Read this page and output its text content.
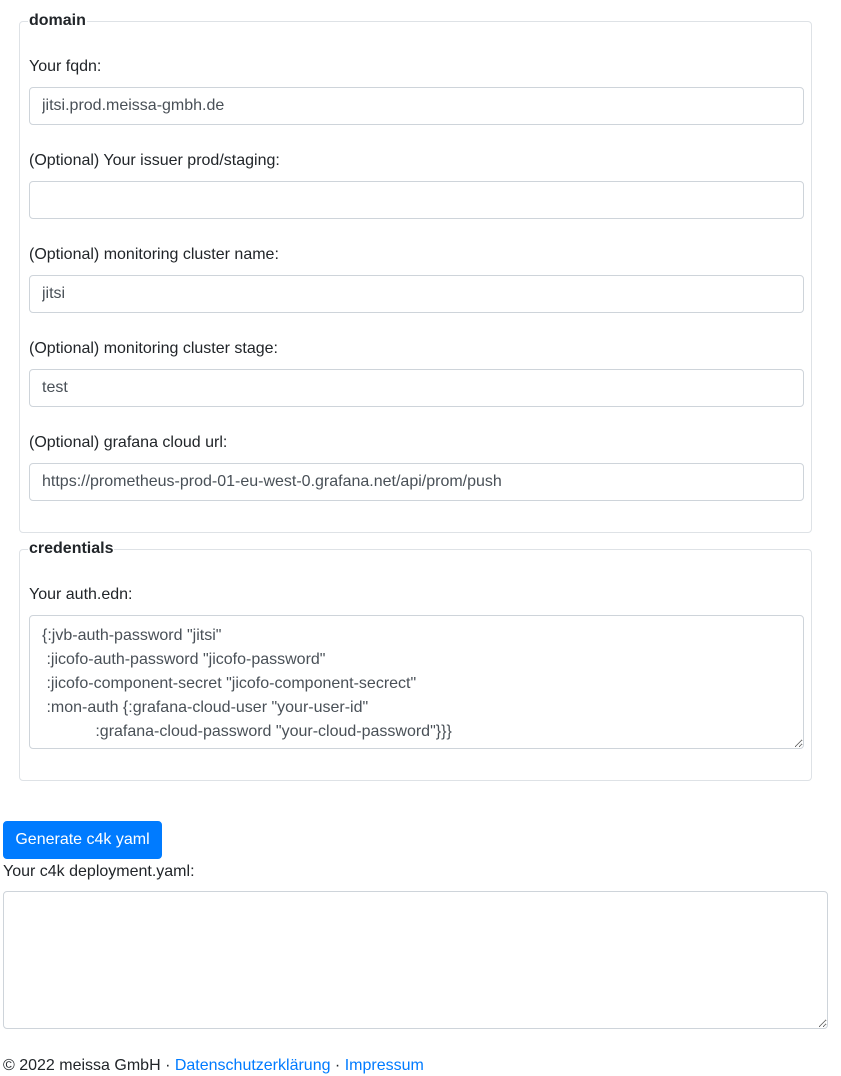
domain
Your fqdn:
jitsi.prod.meissa-gmbh.de
(Optional) Your issuer prod/staging:
(Optional) monitoring cluster name:
jitsi
(Optional) monitoring cluster stage:
test
(Optional) grafana cloud url:
https://prometheus-prod-01-eu-west-0.grafana.net/api/prom/push
credentials
Your auth.edn:
{:jvb-auth-password "jitsi" :jicofo-auth-password "jicofo-password" :jicofo-component-secret "jicofo-component-secrect" :mon-auth {:grafana-cloud-user "your-user-id" :grafana-cloud-password "your-cloud-password"}}}
Generate c4k yaml
Your c4k deployment.yaml:
© 2022 meissa GmbH · Datenschutzerklärung · Impressum
